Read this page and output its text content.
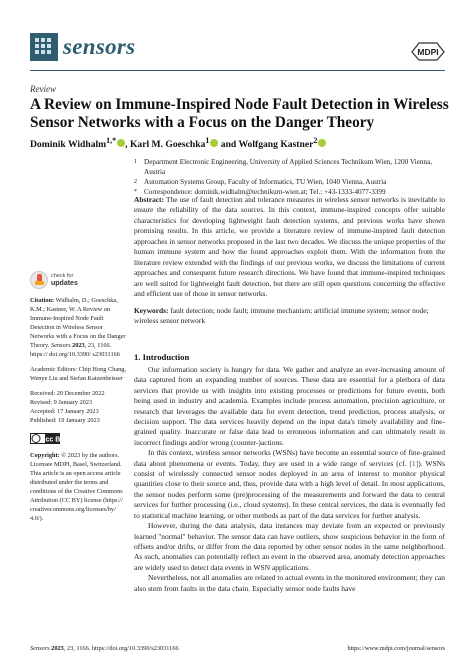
sensors	MDPI
Review
A Review on Immune-Inspired Node Fault Detection in Wireless Sensor Networks with a Focus on the Danger Theory
Dominik Widhalm$^{1,*}$ , Karl M. Goeschka$^1$ and Wolfgang Kastner$^2$
1 Department Electronic Engineering, University of Applied Sciences Technikum Wien, 1200 Vienna, Austria
2 Automation Systems Group, Faculty of Informatics, TU Wien, 1040 Vienna, Austria
* Correspondence: dominik.widhalm@technikum-wien.at; Tel.: +43-1333-4077-3399
Abstract: The use of fault detection and tolerance measures in wireless sensor networks is inevitable to ensure the reliability of the data sources. In this context, immune-inspired concepts offer suitable characteristics for developing lightweight fault detection systems, and previous works have shown promising results. In this article, we provide a literature review of immune-inspired fault detection approaches in sensor networks proposed in the last two decades. We discuss the unique properties of the human immune system and how the found approaches exploit them. With the information from the literature review extended with the findings of our previous works, we discuss the limitations of current approaches and consequent future research directions. We have found that immune-inspired techniques are well suited for lightweight fault detection, but there are still open questions concerning the effective and efficient use of those in sensor networks.
Keywords: fault detection; node fault; immune mechanism; artificial immune system; sensor node; wireless sensor network
check for
updates

Citation: Widhalm, D.; Goeschka, K.M.; Kastner, W. A Review on Immune-Inspired Node Fault Detection in Wireless Sensor Networks with a Focus on the Danger Theory. Sensors 2023, 23, 1166. https:// doi.org/10.3390/ s23031166

Academic Editors: Chip Hong Chang, Wenye Liu and Stefan Katzenbeisser

Received: 20 December 2022

Revised: 9 January 2023

Accepted: 17 January 2023

Published: 19 January 2023

cc BY

Copyright: © 2023 by the authors. Licensee MDPI, Basel, Switzerland. This article is an open access article distributed under the terms and conditions of the Creative Commons Attribution (CC BY) license (https:// creativecommons.org/licenses/by/ 4.0/).

1. Introduction

Our information society is hungry for data. We gather and analyze an ever-increasing amount of data captured from an expanding number of sources. These data are essential for a plethora of data services that provide us with insights into existing processes or predictions for future events, both being used in industry and academia. Examples include process automation, precision agriculture, or research that leverages the available data for event detection, trend prediction, process analysis, or decision support. The data services heavily depend on the input data's timely availability and fine-grained quality. Inaccurate or false data lead to erroneous information and can ultimately result in incorrect findings and/or wrong (counter-)actions.

In this context, wireless sensor networks (WSNs) have become an essential source of fine-grained data about phenomena or events. Today, they are used in a wide range of services (cf. [1]). WSNs consist of wirelessly connected sensor nodes deployed in an area of interest to monitor physical quantities close to their source and, thus, provide data with a high level of detail. In most applications, the sensor nodes perform some (pre)processing of the measurements and forward the data to central services for further processing (i.e., cloud systems). In these central services, the data is eventually fed to statistical machine learning, or other methods as part of the data services for further analysis.

However, during the data analysis, data instances may deviate from an expected or previously learned "normal" behavior. The sensor data can have outliers, show suspicious behavior in the form of offsets and/or drifts, or differ from the data reported by other sensor nodes in the same neighborhood. As such, anomalies can potentially reflect an event in the observed area, anomaly detection approaches are widely used to detect data events in WSN applications.

Nevertheless, not all anomalies are related to actual events in the monitored environment; they can also stem from faults in the data chain. Especially sensor node faults have

Sensors 2023, 23, 1166. https://doi.org/10.3390/s23031166	https://www.mdpi.com/journal/sensors
